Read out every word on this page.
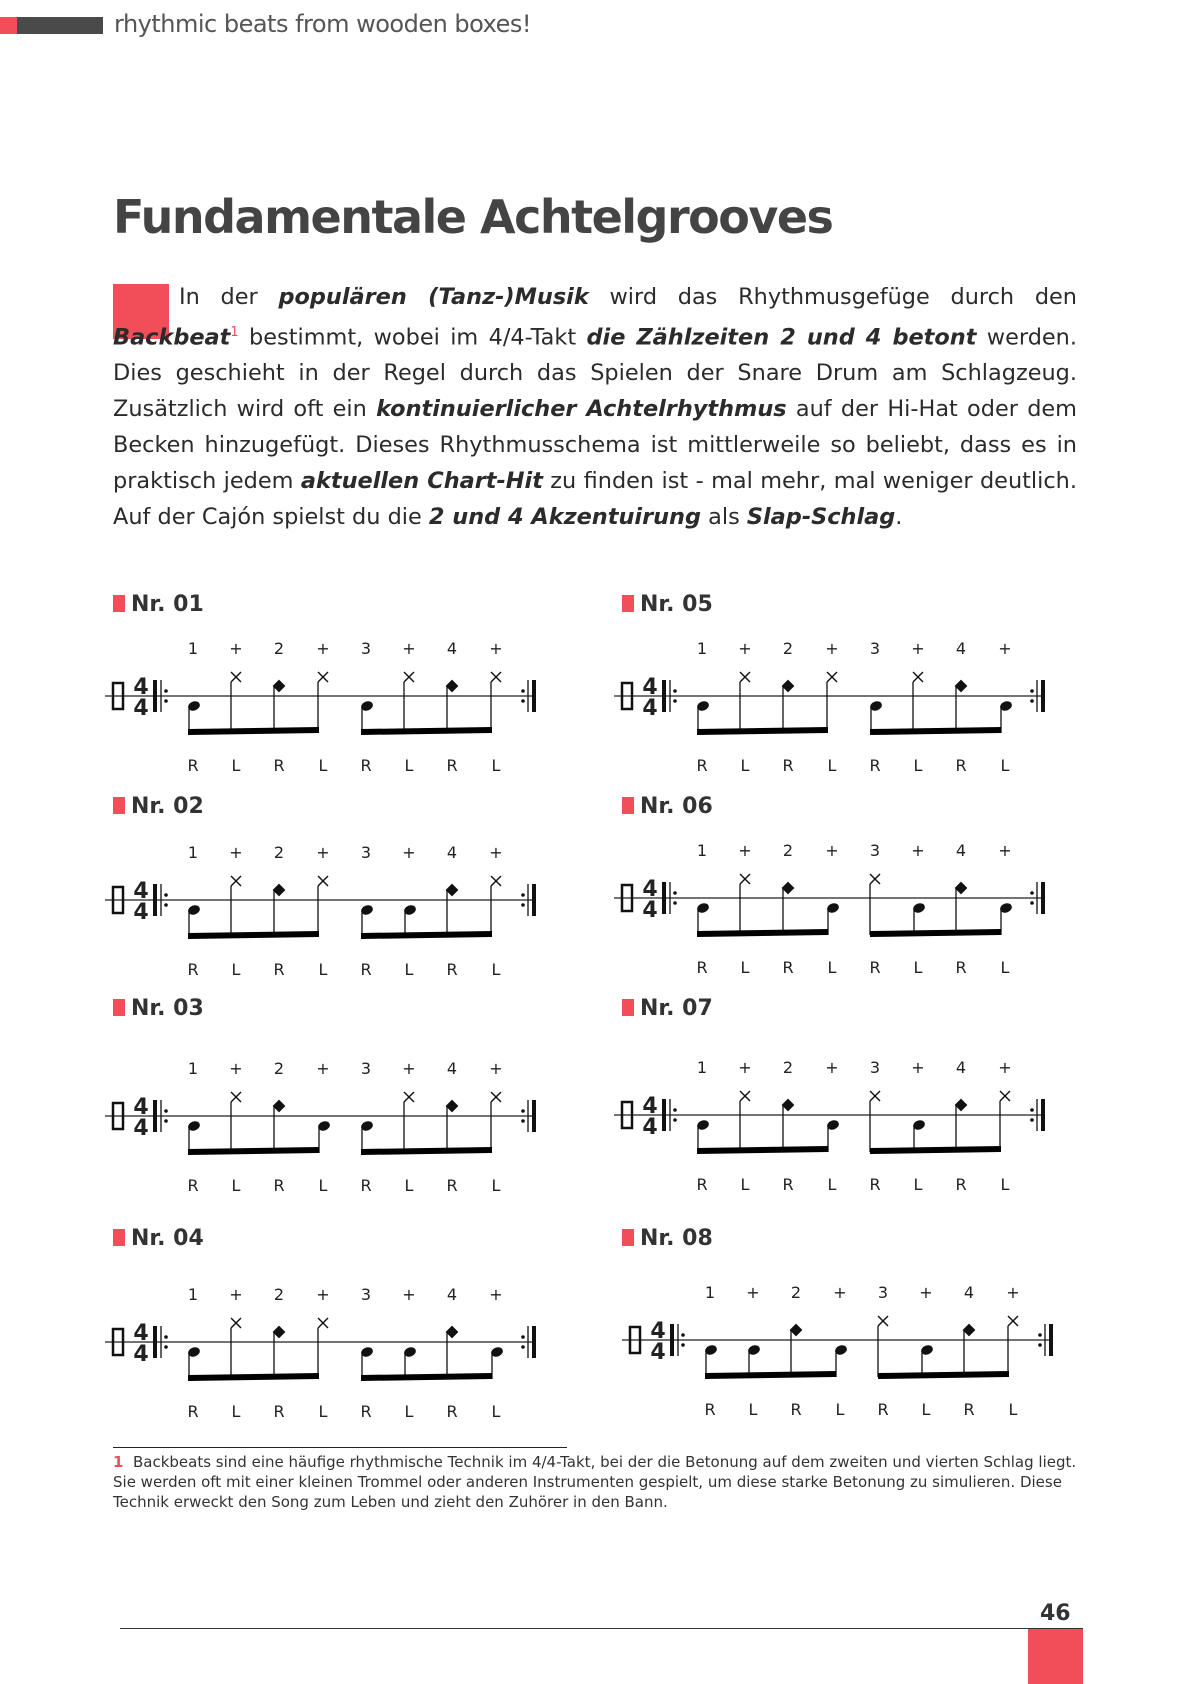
rhythmic beats from wooden boxes!
Fundamentale Achtelgrooves

In der populären (Tanz-)Musik wird das Rhythmusgefüge durch den Backbeat$^1$ bestimmt, wobei im 4/4-Takt die Zählzeiten 2 und 4 betont werden. Dies geschieht in der Regel durch das Spielen der Snare Drum am Schlagzeug. Zusätzlich wird oft ein kontinuierlicher Achtelrhythmus auf der Hi-Hat oder dem Becken hinzugefügt. Dieses Rhythmusschema ist mittlerweile so beliebt, dass es in praktisch jedem aktuellen Chart-Hit zu finden ist - mal mehr, mal weniger deutlich. Auf der Cajón spielst du die 2 und 4 Akzentuirung als Slap-Schlag.

Nr. 01
4
4
1
R
+
L
2
R
+
L
3
R
+
L
4
R
+
L
Nr. 02
4
4
1
R
+
L
2
R
+
L
3
R
+
L
4
R
+
L
Nr. 03
4
4
1
R
+
L
2
R
+
L
3
R
+
L
4
R
+
L
Nr. 04
4
4
1
R
+
L
2
R
+
L
3
R
+
L
4
R
+
L
Nr. 05
4
4
1
R
+
L
2
R
+
L
3
R
+
L
4
R
+
L
Nr. 06
4
4
1
R
+
L
2
R
+
L
3
R
+
L
4
R
+
L
Nr. 07
4
4
1
R
+
L
2
R
+
L
3
R
+
L
4
R
+
L
Nr. 08
4
4
1
R
+
L
2
R
+
L
3
R
+
L
4
R
+
L

1 Backbeats sind eine häufige rhythmische Technik im 4/4-Takt, bei der die Betonung auf dem zweiten und vierten Schlag liegt. Sie werden oft mit einer kleinen Trommel oder anderen Instrumenten gespielt, um diese starke Betonung zu simulieren. Diese Technik erweckt den Song zum Leben und zieht den Zuhörer in den Bann.

46
